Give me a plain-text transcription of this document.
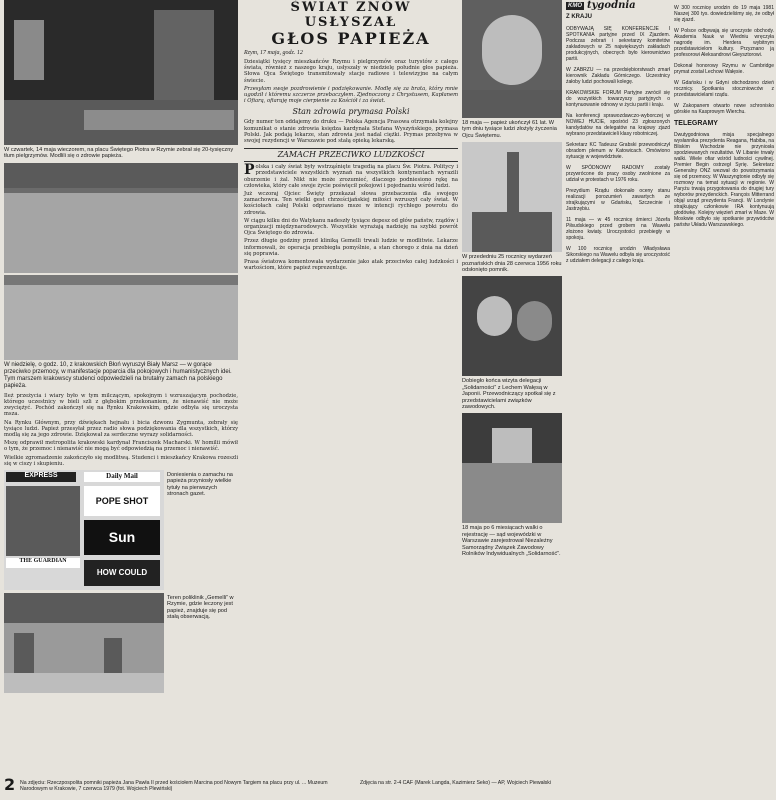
W czwartek, 14 maja wieczorem, na placu Świętego Piotra w Rzymie zebrał się 20-tysięczny tłum pielgrzymów. Modlili się o zdrowie papieża.

W niedzielę, o godz. 10, z krakowskich Błoń wyruszył Biały Marsz — w gorące przeciwko przemocy, w manifestacje poparcia dla pokojowych i humanistycznych idei. Tym marszem krakowscy studenci odpowiedzieli na brutalny zamach na polskiego papieża.

Ileż przeżycia i wiary było w tym milczącym, spokojnym i wzruszającym pochodzie, którego uczestnicy w bieli szli z głębokim przekonaniem, że nienawiść nie może zwyciężyć. Pochód zakończył się na Rynku Krakowskim, gdzie odbyła się uroczysta msza.

Na Rynku Głównym, przy dźwiękach hejnału i bicia dzwonu Zygmunta, zebrały się tysiące ludzi. Papież przesyłał przez radio słowa podziękowania dla wszystkich, którzy modlą się za jego zdrowie. Dziękował za serdeczne wyrazy solidarności.

Mszę odprawił metropolita krakowski kardynał Franciszek Macharski. W homilii mówił o tym, że przemoc i nienawiść nie mogą być odpowiedzią na przemoc i nienawiść.

Wielkie zgromadzenie zakończyło się modlitwą. Studenci i mieszkańcy Krakowa rozeszli się w ciszy i skupieniu.

EXPRESS	Daily Mail
POPE SHOT
THE GUARDIAN
Sun
HOW COULD

Doniesienia o zamachu na papieża przyniosły wielkie tytuły na pierwszych stronach gazet.

Teren poliklinik „Gemelli” w Rzymie, gdzie leczony jest papież, znajduje się pod stałą obserwacją.

ŚWIAT ZNÓW USŁYSZAŁ
GŁOS PAPIEŻA

Rzym, 17 maja, godz. 12

Dziesiątki tysięcy mieszkańców Rzymu i pielgrzymów oraz turystów z całego świata, również z naszego kraju, usłyszały w niedzielę południe głos papieża. Słowa Ojca Świętego transmitowały stacje radiowe i telewizyjne na całym świecie.

Przesyłam swoje pozdrowienie i podziękowanie. Modlę się za brata, który mnie ugodził i któremu szczerze przebaczyłem. Zjednoczony z Chrystusem, Kapłanem i Ofiarą, ofiaruję moje cierpienie za Kościół i za świat.

Stan zdrowia prymasa Polski

Gdy numer ten oddajemy do druku — Polska Agencja Prasowa otrzymała kolejny komunikat o stanie zdrowia księdza kardynała Stefana Wyszyńskiego, prymasa Polski. Jak podają lekarze, stan zdrowia jest nadal ciężki. Prymas przebywa w swojej rezydencji w Warszawie pod stałą opieką lekarską.

ZAMACH PRZECIWKO LUDZKOŚCI

Polska i cały świat były wstrząśnięte tragedią na placu Św. Piotra. Politycy i przedstawiciele wszystkich wyznań na wszystkich kontynentach wyrazili oburzenie i żal. Nikt nie może zrozumieć, dlaczego podniesiono rękę na człowieka, który całe swoje życie poświęcił pokojowi i pojednaniu wśród ludzi.

Już wczoraj Ojciec Święty przekazał słowa przebaczenia dla swojego zamachowca. Ten wielki gest chrześcijańskiej miłości wzruszył cały świat. W kościołach całej Polski odprawiano msze w intencji rychłego powrotu do zdrowia.

W ciągu kilku dni do Watykanu nadeszły tysiące depesz od głów państw, rządów i organizacji międzynarodowych. Wszystkie wyrażają nadzieję na szybki powrót Ojca Świętego do zdrowia.

Przez długie godziny przed kliniką Gemelli trwali ludzie w modlitwie. Lekarze informowali, że operacja przebiegła pomyślnie, a stan chorego z dnia na dzień się poprawia.

Prasa światowa komentowała wydarzenie jako atak przeciwko całej ludzkości i wartościom, które papież reprezentuje.

18 maja — papież ukończył 61 lat. W tym dniu tysiące ludzi złożyły życzenia Ojcu Świętemu.

W przededniu 25 rocznicy wydarzeń poznańskich dnia 28 czerwca 1956 roku odsłonięto pomnik.

Dobiegło końca wizyta delegacji „Solidarności” z Lechem Wałęsą w Japonii. Przewodniczący spotkał się z przedstawicielami związków zawodowych.

18 maja po 6 miesiącach walki o rejestrację — sąd wojewódzki w Warszawie zarejestrował Niezależny Samorządny Związek Zawodowy Rolników Indywidualnych „Solidarność”.

KMO tygodnia
Z KRAJU

ODBYWAJĄ SIĘ KONFERENCJE I SPOTKANIA partyjne przed IX Zjazdem. Podczas zebrań i sekretarzy komitetów zakładowych w 25 największych zakładach produkcyjnych, obecnych było kierownictwo partii.

W ZABRZU — na przedsiębiorstwach zmarł kierownik Zakładu Górniczego. Uczestnicy żałoby ludzi pochowali kolegę.

KRAKOWSKIE FORUM Partyjne zwrócił się do wszystkich towarzyszy partyjnych o kontynuowanie odnowy w życiu partii i kraju.

Na konferencji sprawozdawczo-wyborczej w NOWEJ HUCIE, spośród 23 zgłoszonych kandydatów na delegatów na krajowy zjazd wybrano przedstawicieli klasy robotniczej.

Sekretarz KC Tadeusz Grabski przewodniczył obradom plenum w Katowicach. Omówiono sytuację w województwie.

W SPÓDNOWY RADOMY zostały przywrócone do pracy osoby zwolnione za udział w protestach w 1976 roku.

Prezydium Rządu dokonało oceny stanu realizacji porozumień zawartych ze strajkującymi w Gdańsku, Szczecinie i Jastrzębiu.

11 maja — w 45 rocznicę śmierci Józefa Piłsudskiego przed grobem na Wawelu złożono kwiaty. Uroczystości przebiegły w spokoju.

W 100 rocznicę urodzin Władysława Sikorskiego na Wawelu odbyła się uroczystość z udziałem delegacji z całego kraju.

W 300 rocznicę urodzin do 19 maja 1981 Naszej 300 tys. dowiedzieliśmy się, że odbył się zjazd.

W Polsce odbywają się uroczyste obchody. Akademia Nauk w Wiedniu wręczyła nagrodę im. Herdera wybitnym przedstawicielom kultury. Przyznano ją profesorowi Aleksandrowi Gieysztorowi.

Dokonał honorowy Rzymu w Cambridge prymat został Lechowi Wałęsie.

W Gdańsku i w Gdyni obchodzono dzień rocznicy. Spotkania stoczniowców z przedstawicielami rządu.

W Zakopanem otwarto nowe schronisko górskie na Kasprowym Wierchu.

TELEGRAMY

Dwutygodniowa misja specjalnego wysłannika prezydenta Reagana, Habiba, na Bliskim Wschodzie nie przyniosła spodziewanych rezultatów. W Libanie trwały walki. Wiele ofiar wśród ludności cywilnej. Premier Begin ostrzegł Syrię. Sekretarz Generalny ONZ wezwał do powstrzymania się od przemocy. W Waszyngtonie odbyły się rozmowy na temat sytuacji w regionie. W Paryżu trwają przygotowania do drugiej tury wyborów prezydenckich. François Mitterrand objął urząd prezydenta Francji. W Londynie strajkujący członkowie IRA kontynuują głodówkę. Kolejny więzień zmarł w Maze. W Moskwie odbyło się spotkanie przywódców państw Układu Warszawskiego.

2 Na zdjęciu: Rzeczpospolita pomniki papieża Jana Pawła II przed kościołem Marcina pod Nowym Targiem na placu przy ul. ... Muzeum Narodowym w Krakowie, 7 czerwca 1979 (fot. Wojciech Plewiński)
Zdjęcia na str. 2-4 CAF (Marek Langda, Kazimierz Seko) — AP, Wojciech Piewałski
